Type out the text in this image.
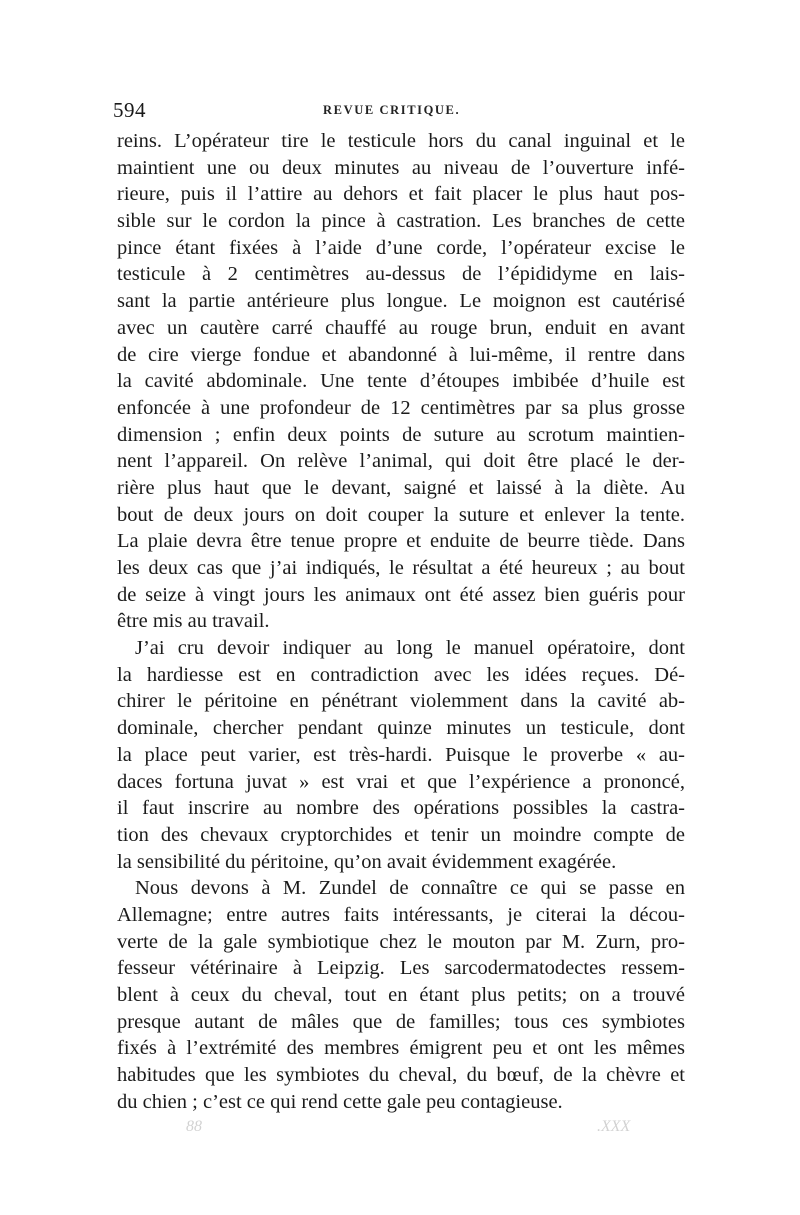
594	REVUE CRITIQUE.
reins. L’opérateur tire le testicule hors du canal inguinal et le
maintient une ou deux minutes au niveau de l’ouverture infé-
rieure, puis il l’attire au dehors et fait placer le plus haut pos-
sible sur le cordon la pince à castration. Les branches de cette
pince étant fixées à l’aide d’une corde, l’opérateur excise le
testicule à 2 centimètres au-dessus de l’épididyme en lais-
sant la partie antérieure plus longue. Le moignon est cautérisé
avec un cautère carré chauffé au rouge brun, enduit en avant
de cire vierge fondue et abandonné à lui-même, il rentre dans
la cavité abdominale. Une tente d’étoupes imbibée d’huile est
enfoncée à une profondeur de 12 centimètres par sa plus grosse
dimension ; enfin deux points de suture au scrotum maintien-
nent l’appareil. On relève l’animal, qui doit être placé le der-
rière plus haut que le devant, saigné et laissé à la diète. Au
bout de deux jours on doit couper la suture et enlever la tente.
La plaie devra être tenue propre et enduite de beurre tiède. Dans
les deux cas que j’ai indiqués, le résultat a été heureux ; au bout
de seize à vingt jours les animaux ont été assez bien guéris pour
être mis au travail.
J’ai cru devoir indiquer au long le manuel opératoire, dont
la hardiesse est en contradiction avec les idées reçues. Dé-
chirer le péritoine en pénétrant violemment dans la cavité ab-
dominale, chercher pendant quinze minutes un testicule, dont
la place peut varier, est très-hardi. Puisque le proverbe « au-
daces fortuna juvat » est vrai et que l’expérience a prononcé,
il faut inscrire au nombre des opérations possibles la castra-
tion des chevaux cryptorchides et tenir un moindre compte de
la sensibilité du péritoine, qu’on avait évidemment exagérée.
Nous devons à M. Zundel de connaître ce qui se passe en
Allemagne; entre autres faits intéressants, je citerai la décou-
verte de la gale symbiotique chez le mouton par M. Zurn, pro-
fesseur vétérinaire à Leipzig. Les sarcodermatodectes ressem-
blent à ceux du cheval, tout en étant plus petits; on a trouvé
presque autant de mâles que de familles; tous ces symbiotes
fixés à l’extrémité des membres émigrent peu et ont les mêmes
habitudes que les symbiotes du cheval, du bœuf, de la chèvre et
du chien ; c’est ce qui rend cette gale peu contagieuse.
88	.XXX
